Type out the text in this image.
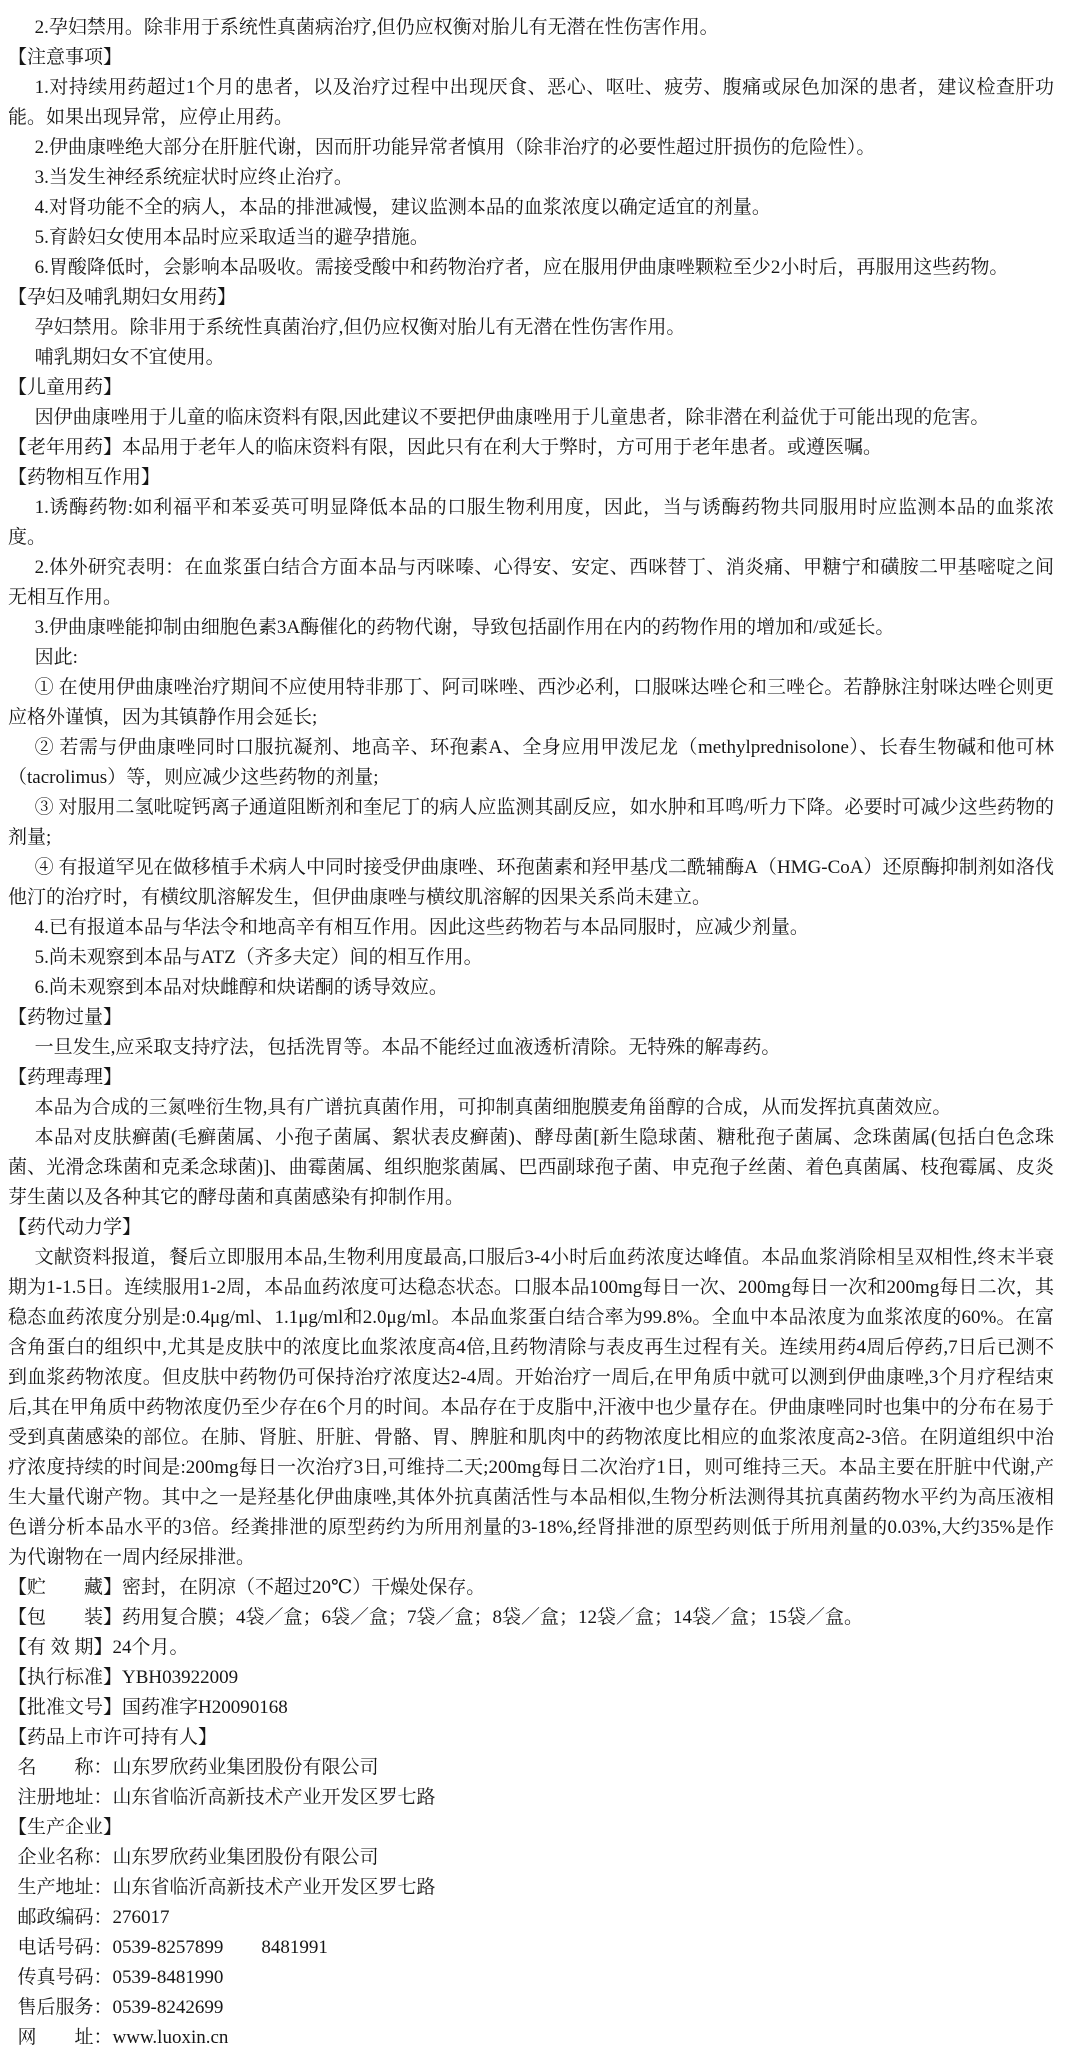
2.孕妇禁用。除非用于系统性真菌病治疗,但仍应权衡对胎儿有无潜在性伤害作用。

【注意事项】

1.对持续用药超过1个月的患者，以及治疗过程中出现厌食、恶心、呕吐、疲劳、腹痛或尿色加深的患者，建议检查肝功能。如果出现异常，应停止用药。

2.伊曲康唑绝大部分在肝脏代谢，因而肝功能异常者慎用（除非治疗的必要性超过肝损伤的危险性）。

3.当发生神经系统症状时应终止治疗。

4.对肾功能不全的病人，本品的排泄减慢，建议监测本品的血浆浓度以确定适宜的剂量。

5.育龄妇女使用本品时应采取适当的避孕措施。

6.胃酸降低时，会影响本品吸收。需接受酸中和药物治疗者，应在服用伊曲康唑颗粒至少2小时后，再服用这些药物。

【孕妇及哺乳期妇女用药】

孕妇禁用。除非用于系统性真菌治疗,但仍应权衡对胎儿有无潜在性伤害作用。

哺乳期妇女不宜使用。

【儿童用药】

因伊曲康唑用于儿童的临床资料有限,因此建议不要把伊曲康唑用于儿童患者，除非潜在利益优于可能出现的危害。

【老年用药】本品用于老年人的临床资料有限，因此只有在利大于弊时，方可用于老年患者。或遵医嘱。

【药物相互作用】

1.诱酶药物:如利福平和苯妥英可明显降低本品的口服生物利用度，因此，当与诱酶药物共同服用时应监测本品的血浆浓度。

2.体外研究表明：在血浆蛋白结合方面本品与丙咪嗪、心得安、安定、西咪替丁、消炎痛、甲糖宁和磺胺二甲基嘧啶之间无相互作用。

3.伊曲康唑能抑制由细胞色素3A酶催化的药物代谢，导致包括副作用在内的药物作用的增加和/或延长。

因此:

① 在使用伊曲康唑治疗期间不应使用特非那丁、阿司咪唑、西沙必利，口服咪达唑仑和三唑仑。若静脉注射咪达唑仑则更应格外谨慎，因为其镇静作用会延长;

② 若需与伊曲康唑同时口服抗凝剂、地高辛、环孢素A、全身应用甲泼尼龙（methylprednisolone）、长春生物碱和他可林（tacrolimus）等，则应减少这些药物的剂量;

③ 对服用二氢吡啶钙离子通道阻断剂和奎尼丁的病人应监测其副反应，如水肿和耳鸣/听力下降。必要时可减少这些药物的剂量;

④ 有报道罕见在做移植手术病人中同时接受伊曲康唑、环孢菌素和羟甲基戊二酰辅酶A（HMG-CoA）还原酶抑制剂如洛伐他汀的治疗时，有横纹肌溶解发生，但伊曲康唑与横纹肌溶解的因果关系尚未建立。

4.已有报道本品与华法令和地高辛有相互作用。因此这些药物若与本品同服时，应减少剂量。

5.尚未观察到本品与ATZ（齐多夫定）间的相互作用。

6.尚未观察到本品对炔雌醇和炔诺酮的诱导效应。

【药物过量】

一旦发生,应采取支持疗法，包括洗胃等。本品不能经过血液透析清除。无特殊的解毒药。

【药理毒理】

本品为合成的三氮唑衍生物,具有广谱抗真菌作用，可抑制真菌细胞膜麦角甾醇的合成，从而发挥抗真菌效应。

本品对皮肤癣菌(毛癣菌属、小孢子菌属、絮状表皮癣菌)、酵母菌[新生隐球菌、糖秕孢子菌属、念珠菌属(包括白色念珠菌、光滑念珠菌和克柔念球菌)]、曲霉菌属、组织胞浆菌属、巴西副球孢子菌、申克孢子丝菌、着色真菌属、枝孢霉属、皮炎芽生菌以及各种其它的酵母菌和真菌感染有抑制作用。

【药代动力学】

文献资料报道，餐后立即服用本品,生物利用度最高,口服后3-4小时后血药浓度达峰值。本品血浆消除相呈双相性,终末半衰期为1-1.5日。连续服用1-2周，本品血药浓度可达稳态状态。口服本品100mg每日一次、200mg每日一次和200mg每日二次，其稳态血药浓度分别是:0.4μg/ml、1.1μg/ml和2.0μg/ml。本品血浆蛋白结合率为99.8%。全血中本品浓度为血浆浓度的60%。在富含角蛋白的组织中,尤其是皮肤中的浓度比血浆浓度高4倍,且药物清除与表皮再生过程有关。连续用药4周后停药,7日后已测不到血浆药物浓度。但皮肤中药物仍可保持治疗浓度达2-4周。开始治疗一周后,在甲角质中就可以测到伊曲康唑,3个月疗程结束后,其在甲角质中药物浓度仍至少存在6个月的时间。本品存在于皮脂中,汗液中也少量存在。伊曲康唑同时也集中的分布在易于受到真菌感染的部位。在肺、肾脏、肝脏、骨骼、胃、脾脏和肌肉中的药物浓度比相应的血浆浓度高2-3倍。在阴道组织中治疗浓度持续的时间是:200mg每日一次治疗3日,可维持二天;200mg每日二次治疗1日，则可维持三天。本品主要在肝脏中代谢,产生大量代谢产物。其中之一是羟基化伊曲康唑,其体外抗真菌活性与本品相似,生物分析法测得其抗真菌药物水平约为高压液相色谱分析本品水平的3倍。经粪排泄的原型药约为所用剂量的3-18%,经肾排泄的原型药则低于所用剂量的0.03%,大约35%是作为代谢物在一周内经尿排泄。

【贮　　藏】密封，在阴凉（不超过20℃）干燥处保存。

【包　　装】药用复合膜；4袋／盒；6袋／盒；7袋／盒；8袋／盒；12袋／盒；14袋／盒；15袋／盒。

【有 效 期】24个月。

【执行标准】YBH03922009

【批准文号】国药准字H20090168

【药品上市许可持有人】

名　　称：山东罗欣药业集团股份有限公司

注册地址：山东省临沂高新技术产业开发区罗七路

【生产企业】

企业名称：山东罗欣药业集团股份有限公司

生产地址：山东省临沂高新技术产业开发区罗七路

邮政编码：276017

电话号码：0539-8257899　　8481991

传真号码：0539-8481990

售后服务：0539-8242699

网　　址：www.luoxin.cn
